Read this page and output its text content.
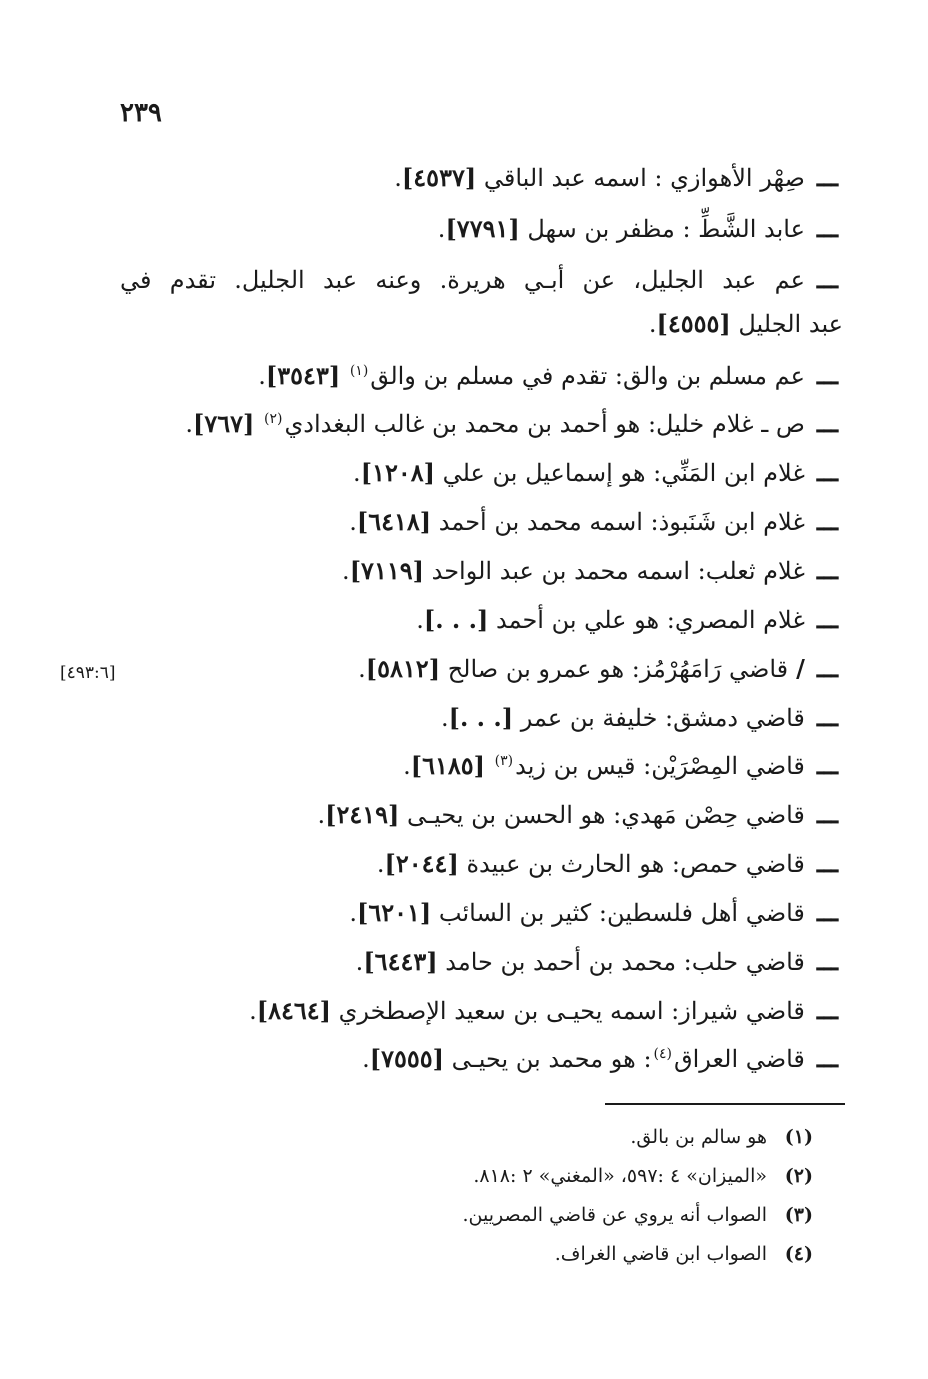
٢٣٩
ـــصِهْر الأهوازي : اسمه عبد الباقي [٤٥٣٧].
ـــعابد الشَّطِّ : مظفر بن سهل [٧٧٩١].
ـــعم عبد الجليل، عن أبـي هريرة. وعنه عبد الجليل. تقدم في
عبد الجليل [٤٥٥٥].
ـــعم مسلم بن والق: تقدم في مسلم بن والق$^{(١)}$ [٣٥٤٣].
ـــص ـ غلام خليل: هو أحمد بن محمد بن غالب البغدادي$^{(٢)}$ [٧٦٧].
ـــغلام ابن المَنِّي: هو إسماعيل بن علي [١٢٠٨].
ـــغلام ابن شَنَبوذ: اسمه محمد بن أحمد [٦٤١٨].
ـــغلام ثعلب: اسمه محمد بن عبد الواحد [٧١١٩].
ـــغلام المصري: هو علي بن أحمد [. . .].
ـــ/قاضي رَامَهُرْمُز: هو عمرو بن صالح [٥٨١٢].
ـــقاضي دمشق: خليفة بن عمر [. . .].
ـــقاضي المِصْرَيْن: قيس بن زيد$^{(٣)}$ [٦١٨٥].
ـــقاضي حِصْن مَهدي: هو الحسن بن يحيـى [٢٤١٩].
ـــقاضي حمص: هو الحارث بن عبيدة [٢٠٤٤].
ـــقاضي أهل فلسطين: كثير بن السائب [٦٢٠١].
ـــقاضي حلب: محمد بن أحمد بن حامد [٦٤٤٣].
ـــقاضي شيراز: اسمه يحيـى بن سعيد الإصطخري [٨٤٦٤].
ـــقاضي العراق$^{(٤)}$: هو محمد بن يحيـى [٧٥٥٥].
[٤٩٣:٦]
(١)هو سالم بن بالق.
(٢)«الميزان» ٤ :٥٩٧، «المغني» ٢ :٨١٨.
(٣)الصواب أنه يروي عن قاضي المصريين.
(٤)الصواب ابن قاضي الغراف.
